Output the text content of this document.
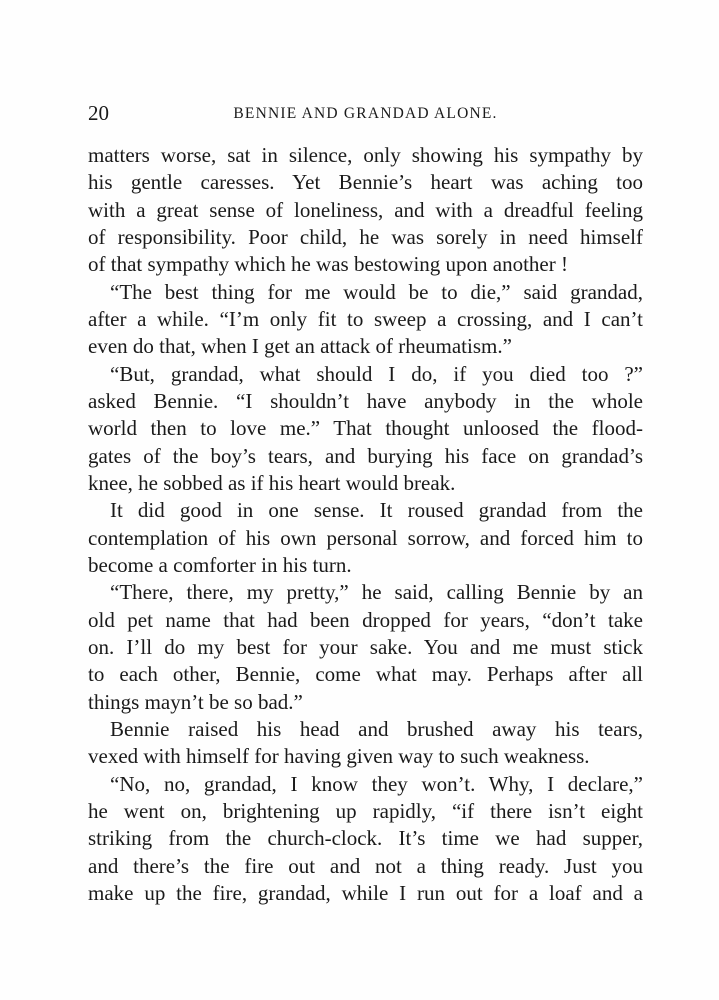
20	BENNIE AND GRANDAD ALONE.
matters worse, sat in silence, only showing his sympathy by
his gentle caresses. Yet Bennie’s heart was aching too
with a great sense of loneliness, and with a dreadful feeling
of responsibility. Poor child, he was sorely in need himself
of that sympathy which he was bestowing upon another !
“The best thing for me would be to die,” said grandad,
after a while. “I’m only fit to sweep a crossing, and I can’t
even do that, when I get an attack of rheumatism.”
“But, grandad, what should I do, if you died too ?”
asked Bennie. “I shouldn’t have anybody in the whole
world then to love me.” That thought unloosed the flood-
gates of the boy’s tears, and burying his face on grandad’s
knee, he sobbed as if his heart would break.
It did good in one sense. It roused grandad from the
contemplation of his own personal sorrow, and forced him to
become a comforter in his turn.
“There, there, my pretty,” he said, calling Bennie by an
old pet name that had been dropped for years, “don’t take
on. I’ll do my best for your sake. You and me must stick
to each other, Bennie, come what may. Perhaps after all
things mayn’t be so bad.”
Bennie raised his head and brushed away his tears,
vexed with himself for having given way to such weakness.
“No, no, grandad, I know they won’t. Why, I declare,”
he went on, brightening up rapidly, “if there isn’t eight
striking from the church-clock. It’s time we had supper,
and there’s the fire out and not a thing ready. Just you
make up the fire, grandad, while I run out for a loaf and a
